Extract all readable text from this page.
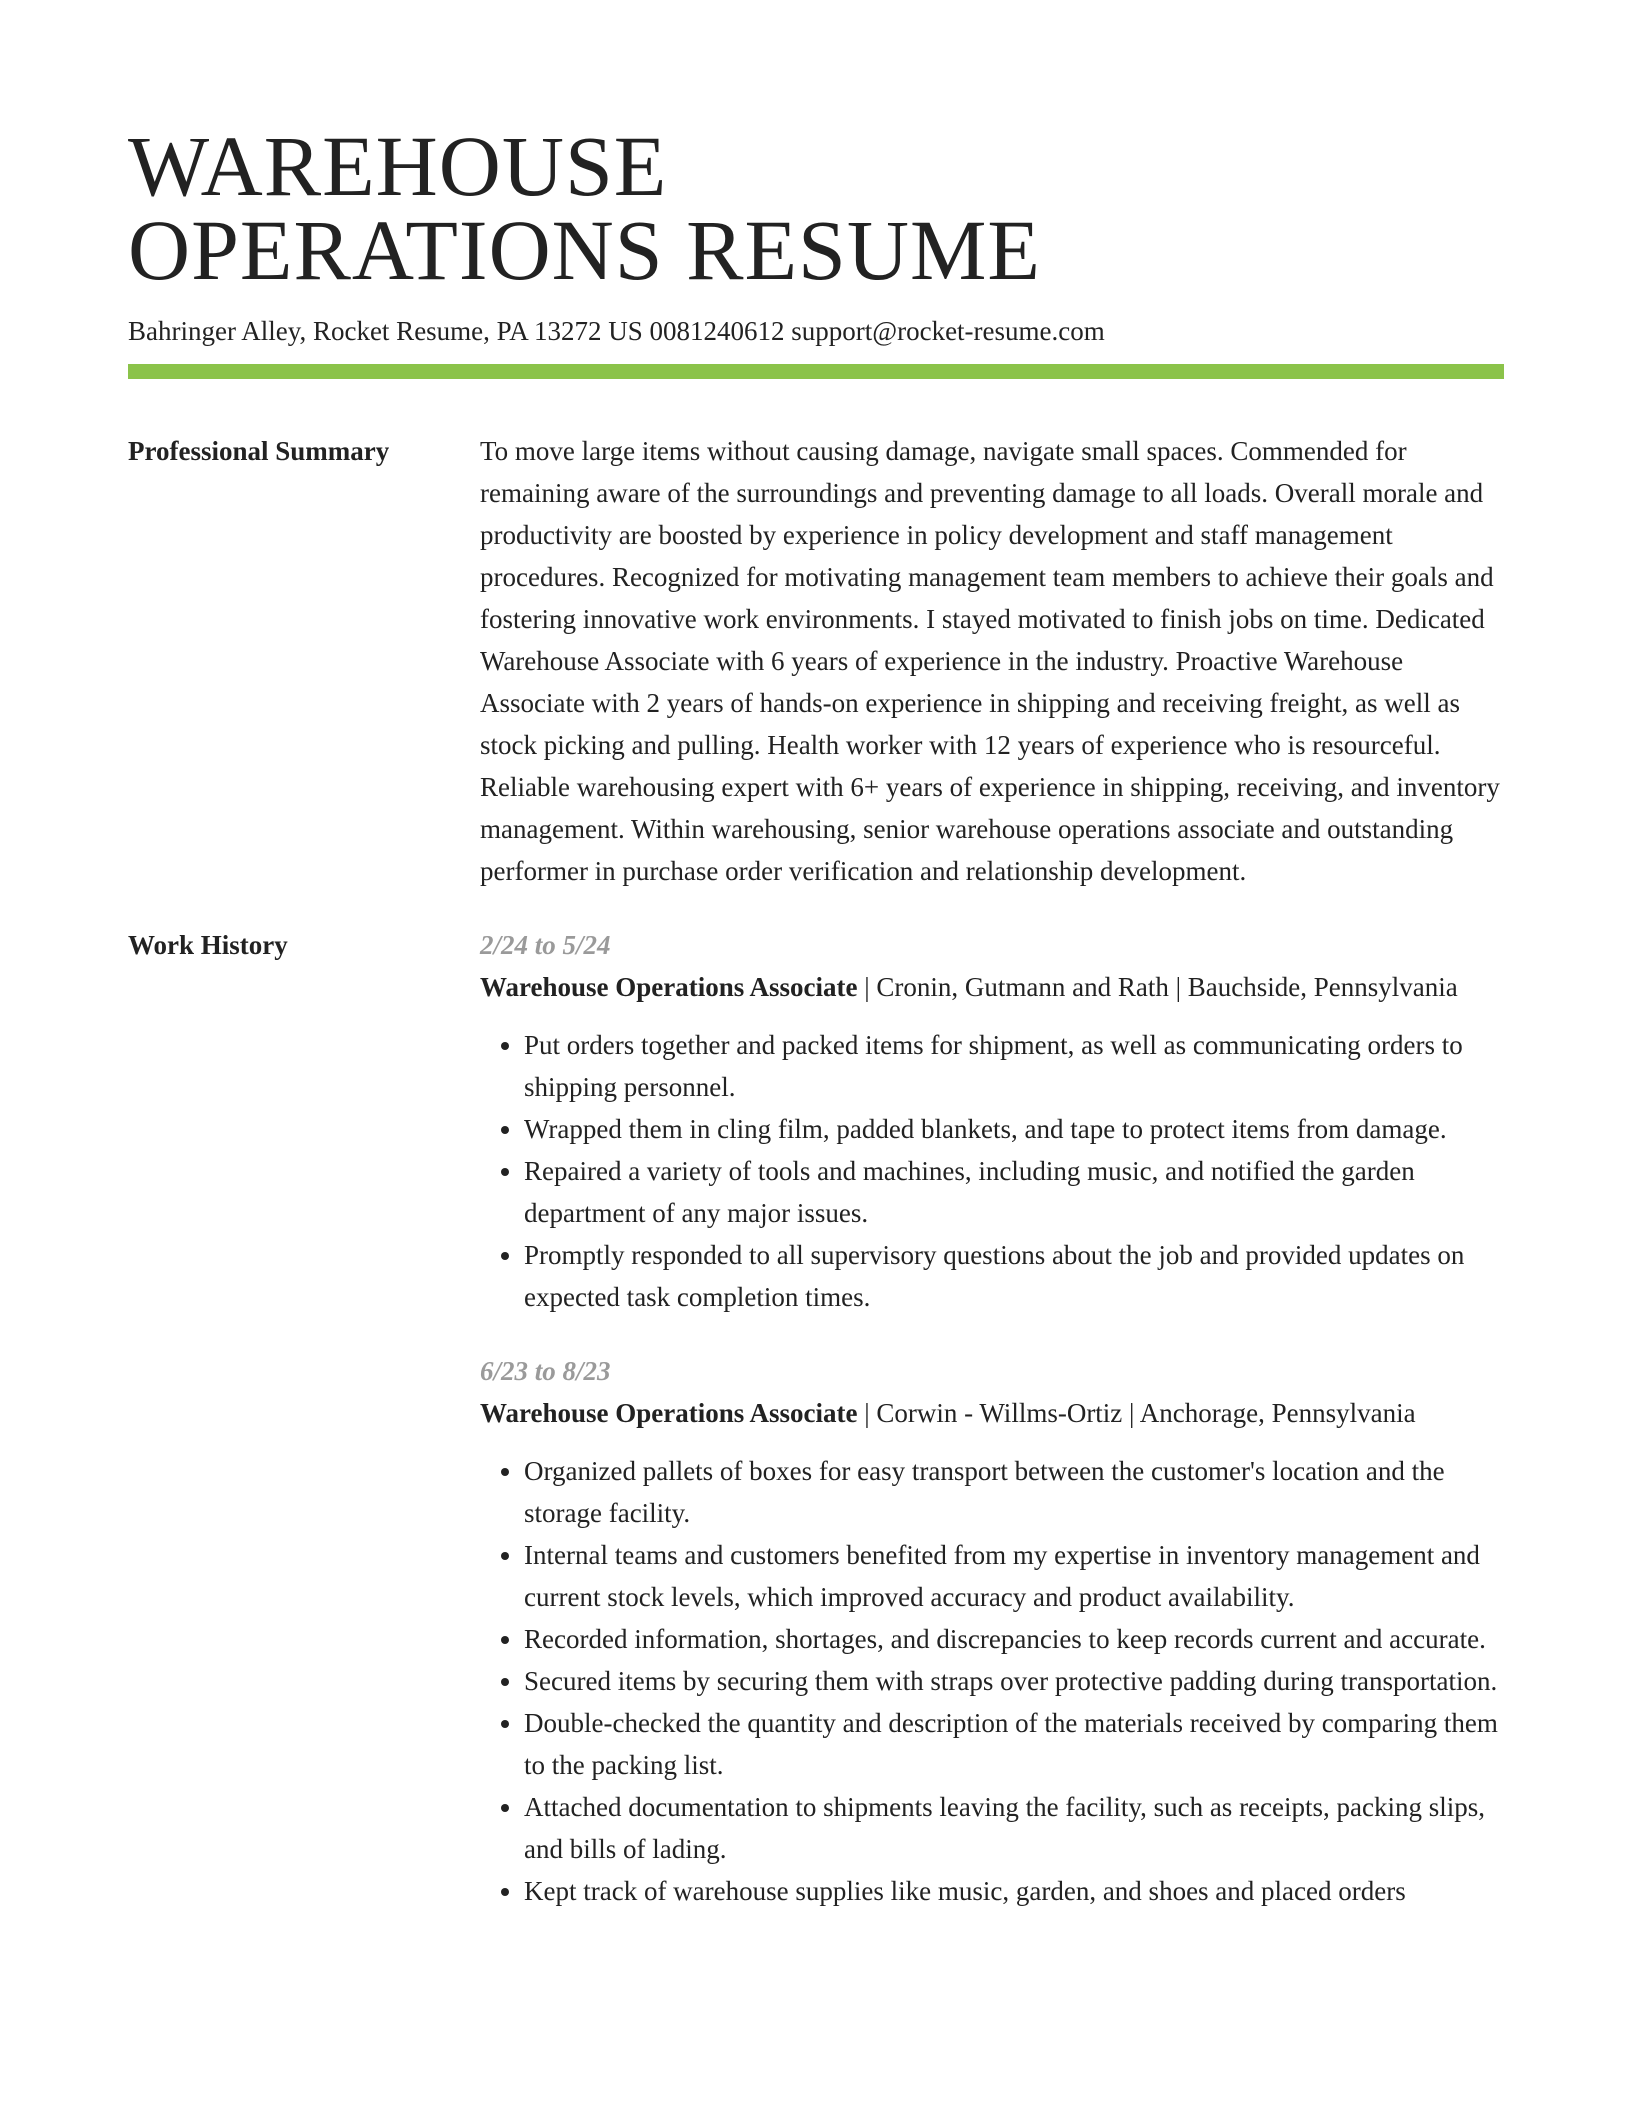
WAREHOUSE
OPERATIONS RESUME
Bahringer Alley, Rocket Resume, PA 13272 US 0081240612 support@rocket-resume.com
Professional Summary	To move large items without causing damage, navigate small spaces. Commended for remaining aware of the surroundings and preventing damage to all loads. Overall morale and productivity are boosted by experience in policy development and staff management procedures. Recognized for motivating management team members to achieve their goals and fostering innovative work environments. I stayed motivated to finish jobs on time. Dedicated Warehouse Associate with 6 years of experience in the industry. Proactive Warehouse Associate with 2 years of hands-on experience in shipping and receiving freight, as well as stock picking and pulling. Health worker with 12 years of experience who is resourceful. Reliable warehousing expert with 6+ years of experience in shipping, receiving, and inventory management. Within warehousing, senior warehouse operations associate and outstanding performer in purchase order verification and relationship development.

Work History	2/24 to 5/24

Warehouse Operations Associate | Cronin, Gutmann and Rath | Bauchside, Pennsylvania

• Put orders together and packed items for shipment, as well as communicating orders to shipping personnel.
• Wrapped them in cling film, padded blankets, and tape to protect items from damage.
• Repaired a variety of tools and machines, including music, and notified the garden department of any major issues.
• Promptly responded to all supervisory questions about the job and provided updates on expected task completion times.
6/23 to 8/23

Warehouse Operations Associate | Corwin - Willms-Ortiz | Anchorage, Pennsylvania

• Organized pallets of boxes for easy transport between the customer's location and the storage facility.
• Internal teams and customers benefited from my expertise in inventory management and current stock levels, which improved accuracy and product availability.
• Recorded information, shortages, and discrepancies to keep records current and accurate.
• Secured items by securing them with straps over protective padding during transportation.
• Double-checked the quantity and description of the materials received by comparing them to the packing list.
• Attached documentation to shipments leaving the facility, such as receipts, packing slips, and bills of lading.
• Kept track of warehouse supplies like music, garden, and shoes and placed orders
